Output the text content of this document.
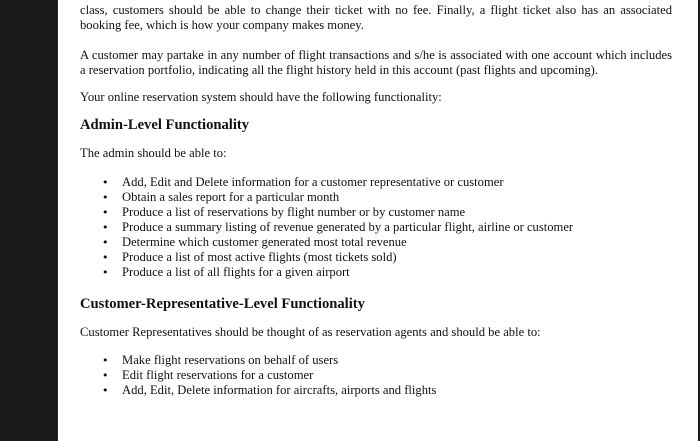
class, customers should be able to change their ticket with no fee. Finally, a flight ticket also has an associated booking fee, which is how your company makes money.

A customer may partake in any number of flight transactions and s/he is associated with one account which includes a reservation portfolio, indicating all the flight history held in this account (past flights and upcoming).

Your online reservation system should have the following functionality:

Admin-Level Functionality

The admin should be able to:

• Add, Edit and Delete information for a customer representative or customer
• Obtain a sales report for a particular month
• Produce a list of reservations by flight number or by customer name
• Produce a summary listing of revenue generated by a particular flight, airline or customer
• Determine which customer generated most total revenue
• Produce a list of most active flights (most tickets sold)
• Produce a list of all flights for a given airport
Customer-Representative-Level Functionality

Customer Representatives should be thought of as reservation agents and should be able to:

• Make flight reservations on behalf of users
• Edit flight reservations for a customer
• Add, Edit, Delete information for aircrafts, airports and flights
